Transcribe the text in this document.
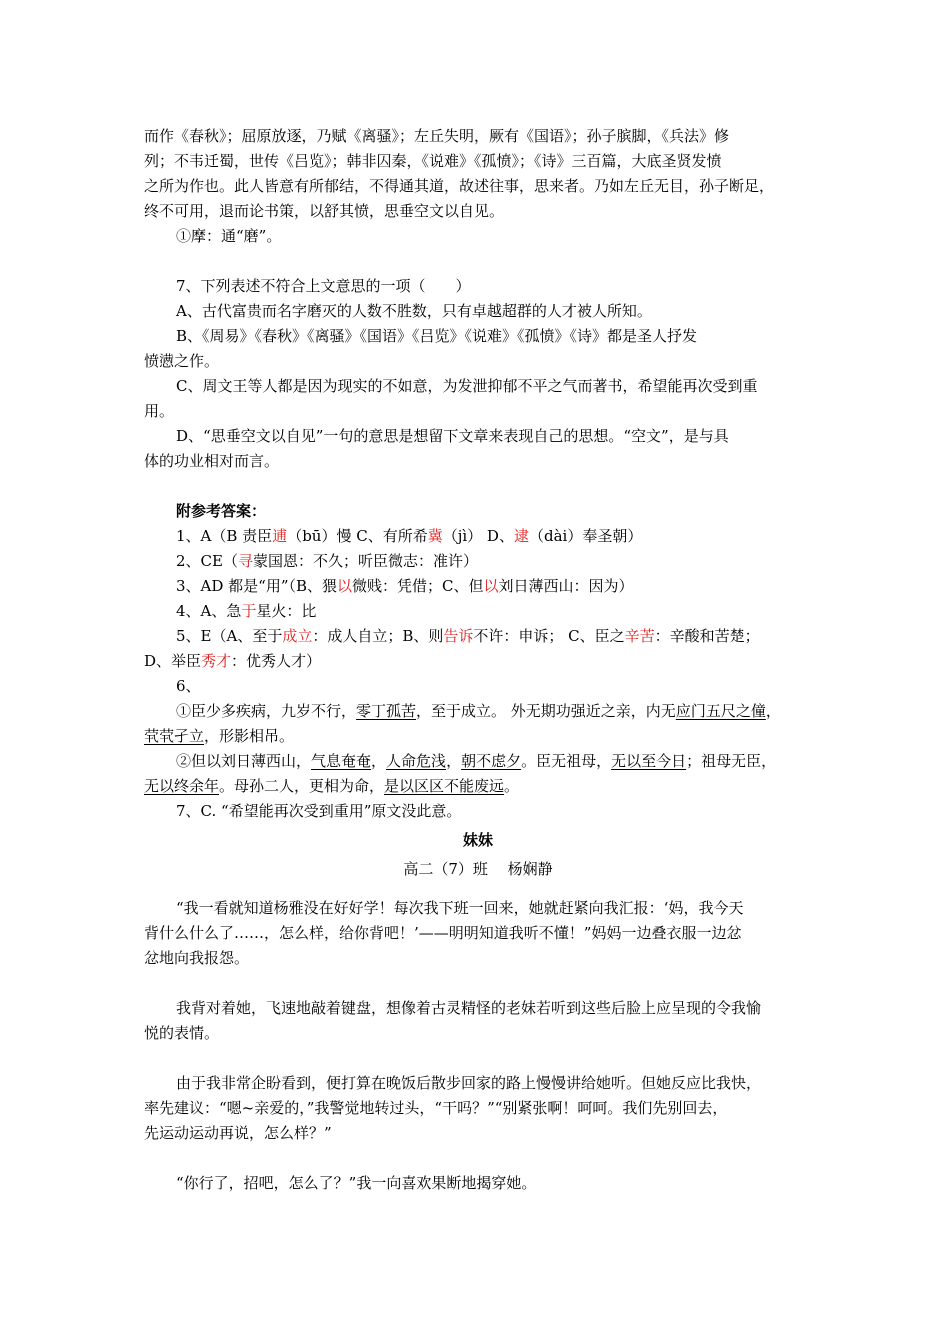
而作《春秋》；屈原放逐，乃赋《离骚》；左丘失明，厥有《国语》；孙子膑脚，《兵法》修

列；不韦迁蜀，世传《吕览》；韩非囚秦，《说难》《孤愤》；《诗》三百篇，大底圣贤发愤

之所为作也。此人皆意有所郁结，不得通其道，故述往事，思来者。乃如左丘无目，孙子断足，

终不可用，退而论书策，以舒其愤，思垂空文以自见。

①摩：通“磨”。

7、下列表述不符合上文意思的一项（　　）

A、古代富贵而名字磨灭的人数不胜数，只有卓越超群的人才被人所知。

B、《周易》《春秋》《离骚》《国语》《吕览》《说难》《孤愤》《诗》都是圣人抒发

愤懑之作。

C、周文王等人都是因为现实的不如意，为发泄抑郁不平之气而著书，希望能再次受到重

用。

D、“思垂空文以自见”一句的意思是想留下文章来表现自己的思想。“空文”，是与具

体的功业相对而言。

附参考答案：

1、A（B 责臣逋（bū）慢 C、有所希冀（jì） D、逮（dài）奉圣朝）

2、CE（寻蒙国恩：不久；听臣微志：准许）

3、AD 都是“用”（B、猥以微贱：凭借；C、但以刘日薄西山：因为）

4、A、急于星火：比

5、E（A、至于成立：成人自立；B、则告诉不许：申诉； C、臣之辛苦：辛酸和苦楚；

D、举臣秀才：优秀人才）

6、

①臣少多疾病，九岁不行，零丁孤苦，至于成立。 外无期功强近之亲，内无应门五尺之僮，

茕茕孑立，形影相吊。

②但以刘日薄西山，气息奄奄，人命危浅，朝不虑夕。臣无祖母，无以至今日；祖母无臣，

无以终余年。母孙二人，更相为命，是以区区不能废远。

7、C. “希望能再次受到重用”原文没此意。

妹妹

高二（7）班　 杨娴静

“我一看就知道杨雅没在好好学！每次我下班一回来，她就赶紧向我汇报：‘妈，我今天

背什么什么了……，怎么样，给你背吧！’——明明知道我听不懂！”妈妈一边叠衣服一边忿

忿地向我报怨。

我背对着她，飞速地敲着键盘，想像着古灵精怪的老妹若听到这些后脸上应呈现的令我愉

悦的表情。

由于我非常企盼看到，便打算在晚饭后散步回家的路上慢慢讲给她听。但她反应比我快，

率先建议：“嗯~亲爱的，”我警觉地转过头，“干吗？”“别紧张啊！呵呵。我们先别回去，

先运动运动再说，怎么样？”

“你行了，招吧，怎么了？”我一向喜欢果断地揭穿她。
